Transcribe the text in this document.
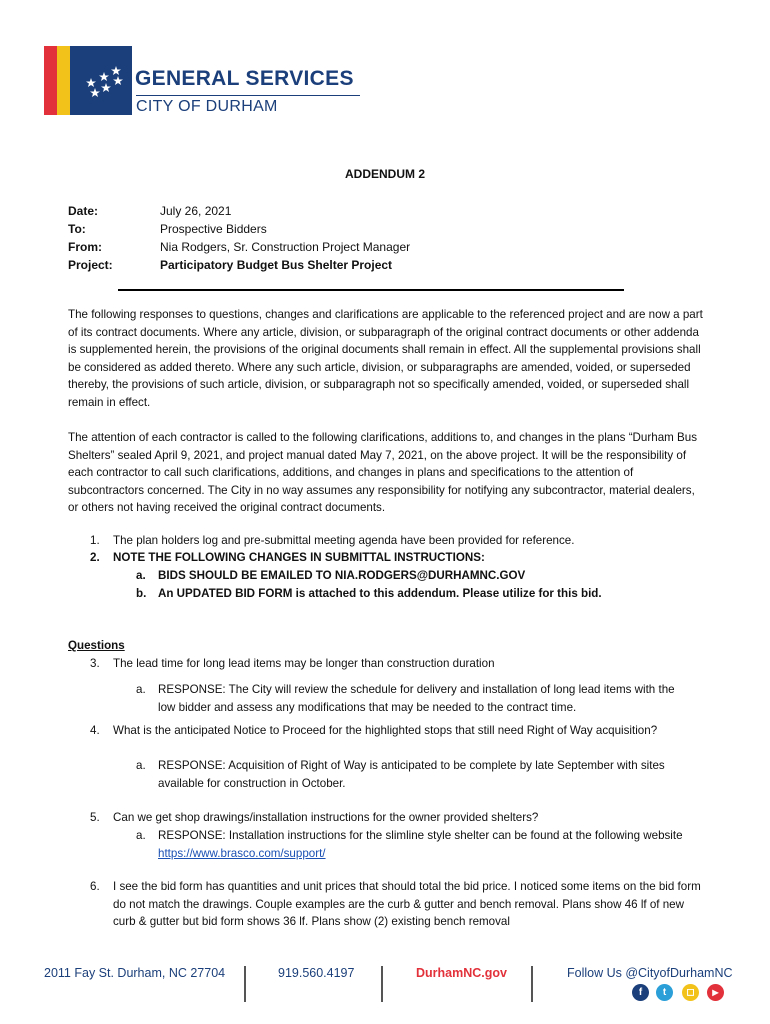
GENERAL SERVICES
CITY OF DURHAM
ADDENDUM 2
Date:	July 26, 2021
To:	Prospective Bidders
From:	Nia Rodgers, Sr. Construction Project Manager
Project:	Participatory Budget Bus Shelter Project
The following responses to questions, changes and clarifications are applicable to the referenced project and are now a part of its contract documents. Where any article, division, or subparagraph of the original contract documents or other addenda is supplemented herein, the provisions of the original documents shall remain in effect. All the supplemental provisions shall be considered as added thereto. Where any such article, division, or subparagraphs are amended, voided, or superseded thereby, the provisions of such article, division, or subparagraph not so specifically amended, voided, or superseded shall remain in effect.
The attention of each contractor is called to the following clarifications, additions to, and changes in the plans “Durham Bus Shelters” sealed April 9, 2021, and project manual dated May 7, 2021, on the above project. It will be the responsibility of each contractor to call such clarifications, additions, and changes in plans and specifications to the attention of subcontractors concerned. The City in no way assumes any responsibility for notifying any subcontractor, material dealers, or others not having received the original contract documents.
1. The plan holders log and pre-submittal meeting agenda have been provided for reference.
2. NOTE THE FOLLOWING CHANGES IN SUBMITTAL INSTRUCTIONS:
a. BIDS SHOULD BE EMAILED TO NIA.RODGERS@DURHAMNC.GOV
b. An UPDATED BID FORM is attached to this addendum. Please utilize for this bid.
Questions
3. The lead time for long lead items may be longer than construction duration
a. RESPONSE: The City will review the schedule for delivery and installation of long lead items with the low bidder and assess any modifications that may be needed to the contract time.
4. What is the anticipated Notice to Proceed for the highlighted stops that still need Right of Way acquisition?
a. RESPONSE: Acquisition of Right of Way is anticipated to be complete by late September with sites available for construction in October.
5. Can we get shop drawings/installation instructions for the owner provided shelters?
a. RESPONSE: Installation instructions for the slimline style shelter can be found at the following website https://www.brasco.com/support/
6. I see the bid form has quantities and unit prices that should total the bid price. I noticed some items on the bid form do not match the drawings. Couple examples are the curb & gutter and bench removal. Plans show 46 lf of new curb & gutter but bid form shows 36 lf. Plans show (2) existing bench removal
2011 Fay St. Durham, NC 27704	919.560.4197	DurhamNC.gov	Follow Us @CityofDurhamNC
f	t	◻	▶
